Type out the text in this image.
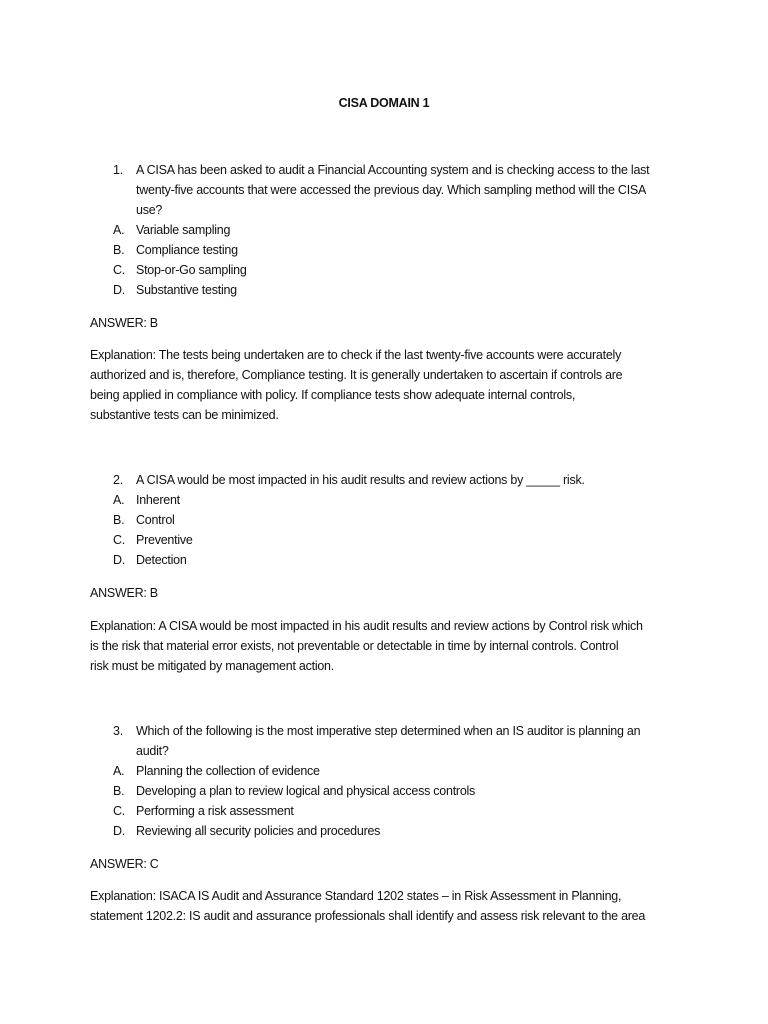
CISA DOMAIN 1
1.	A CISA has been asked to audit a Financial Accounting system and is checking access to the last
twenty-five accounts that were accessed the previous day. Which sampling method will the CISA
use?
A. Variable sampling
B. Compliance testing
C. Stop-or-Go sampling
D. Substantive testing
ANSWER: B
Explanation: The tests being undertaken are to check if the last twenty-five accounts were accurately
authorized and is, therefore, Compliance testing. It is generally undertaken to ascertain if controls are
being applied in compliance with policy. If compliance tests show adequate internal controls,
substantive tests can be minimized.
2.	A CISA would be most impacted in his audit results and review actions by _____ risk.
A. Inherent
B. Control
C. Preventive
D. Detection
ANSWER: B
Explanation: A CISA would be most impacted in his audit results and review actions by Control risk which
is the risk that material error exists, not preventable or detectable in time by internal controls. Control
risk must be mitigated by management action.
3.	Which of the following is the most imperative step determined when an IS auditor is planning an
audit?
A. Planning the collection of evidence
B. Developing a plan to review logical and physical access controls
C. Performing a risk assessment
D. Reviewing all security policies and procedures
ANSWER: C
Explanation: ISACA IS Audit and Assurance Standard 1202 states – in Risk Assessment in Planning,
statement 1202.2: IS audit and assurance professionals shall identify and assess risk relevant to the area
